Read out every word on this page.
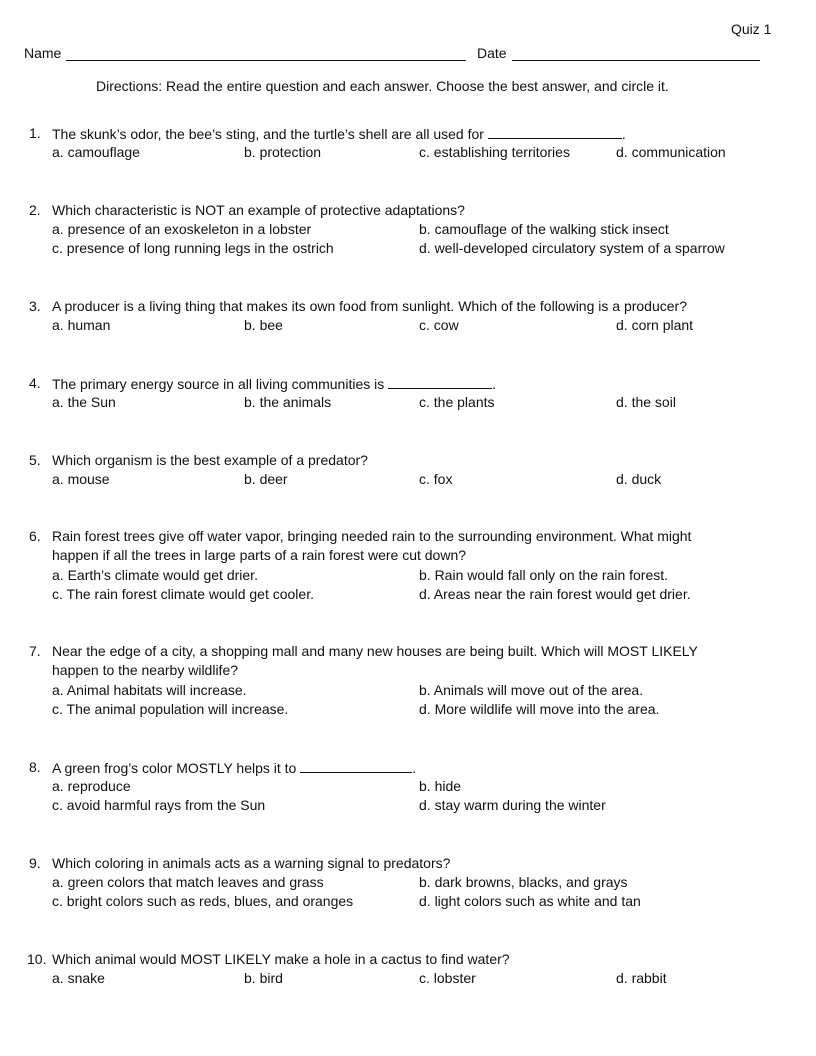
Quiz 1
Name	Date
Directions: Read the entire question and each answer. Choose the best answer, and circle it.
1. The skunk’s odor, the bee’s sting, and the turtle’s shell are all used for	.
a. camouflage	b. protection	c. establishing territories	d. communication
2. Which characteristic is NOT an example of protective adaptations?
a. presence of an exoskeleton in a lobster	b. camouflage of the walking stick insect
c. presence of long running legs in the ostrich	d. well-developed circulatory system of a sparrow
3. A producer is a living thing that makes its own food from sunlight. Which of the following is a producer?
a. human	b. bee	c. cow	d. corn plant
4. The primary energy source in all living communities is	.
a. the Sun	b. the animals	c. the plants	d. the soil
5. Which organism is the best example of a predator?
a. mouse	b. deer	c. fox	d. duck
6. Rain forest trees give off water vapor, bringing needed rain to the surrounding environment. What might
happen if all the trees in large parts of a rain forest were cut down?
a. Earth’s climate would get drier.	b. Rain would fall only on the rain forest.
c. The rain forest climate would get cooler.	d. Areas near the rain forest would get drier.
7. Near the edge of a city, a shopping mall and many new houses are being built. Which will MOST LIKELY
happen to the nearby wildlife?
a. Animal habitats will increase.	b. Animals will move out of the area.
c. The animal population will increase.	d. More wildlife will move into the area.
8. A green frog’s color MOSTLY helps it to	.
a. reproduce	b. hide
c. avoid harmful rays from the Sun	d. stay warm during the winter
9. Which coloring in animals acts as a warning signal to predators?
a. green colors that match leaves and grass	b. dark browns, blacks, and grays
c. bright colors such as reds, blues, and oranges	d. light colors such as white and tan
10. Which animal would MOST LIKELY make a hole in a cactus to find water?
a. snake	b. bird	c. lobster	d. rabbit
